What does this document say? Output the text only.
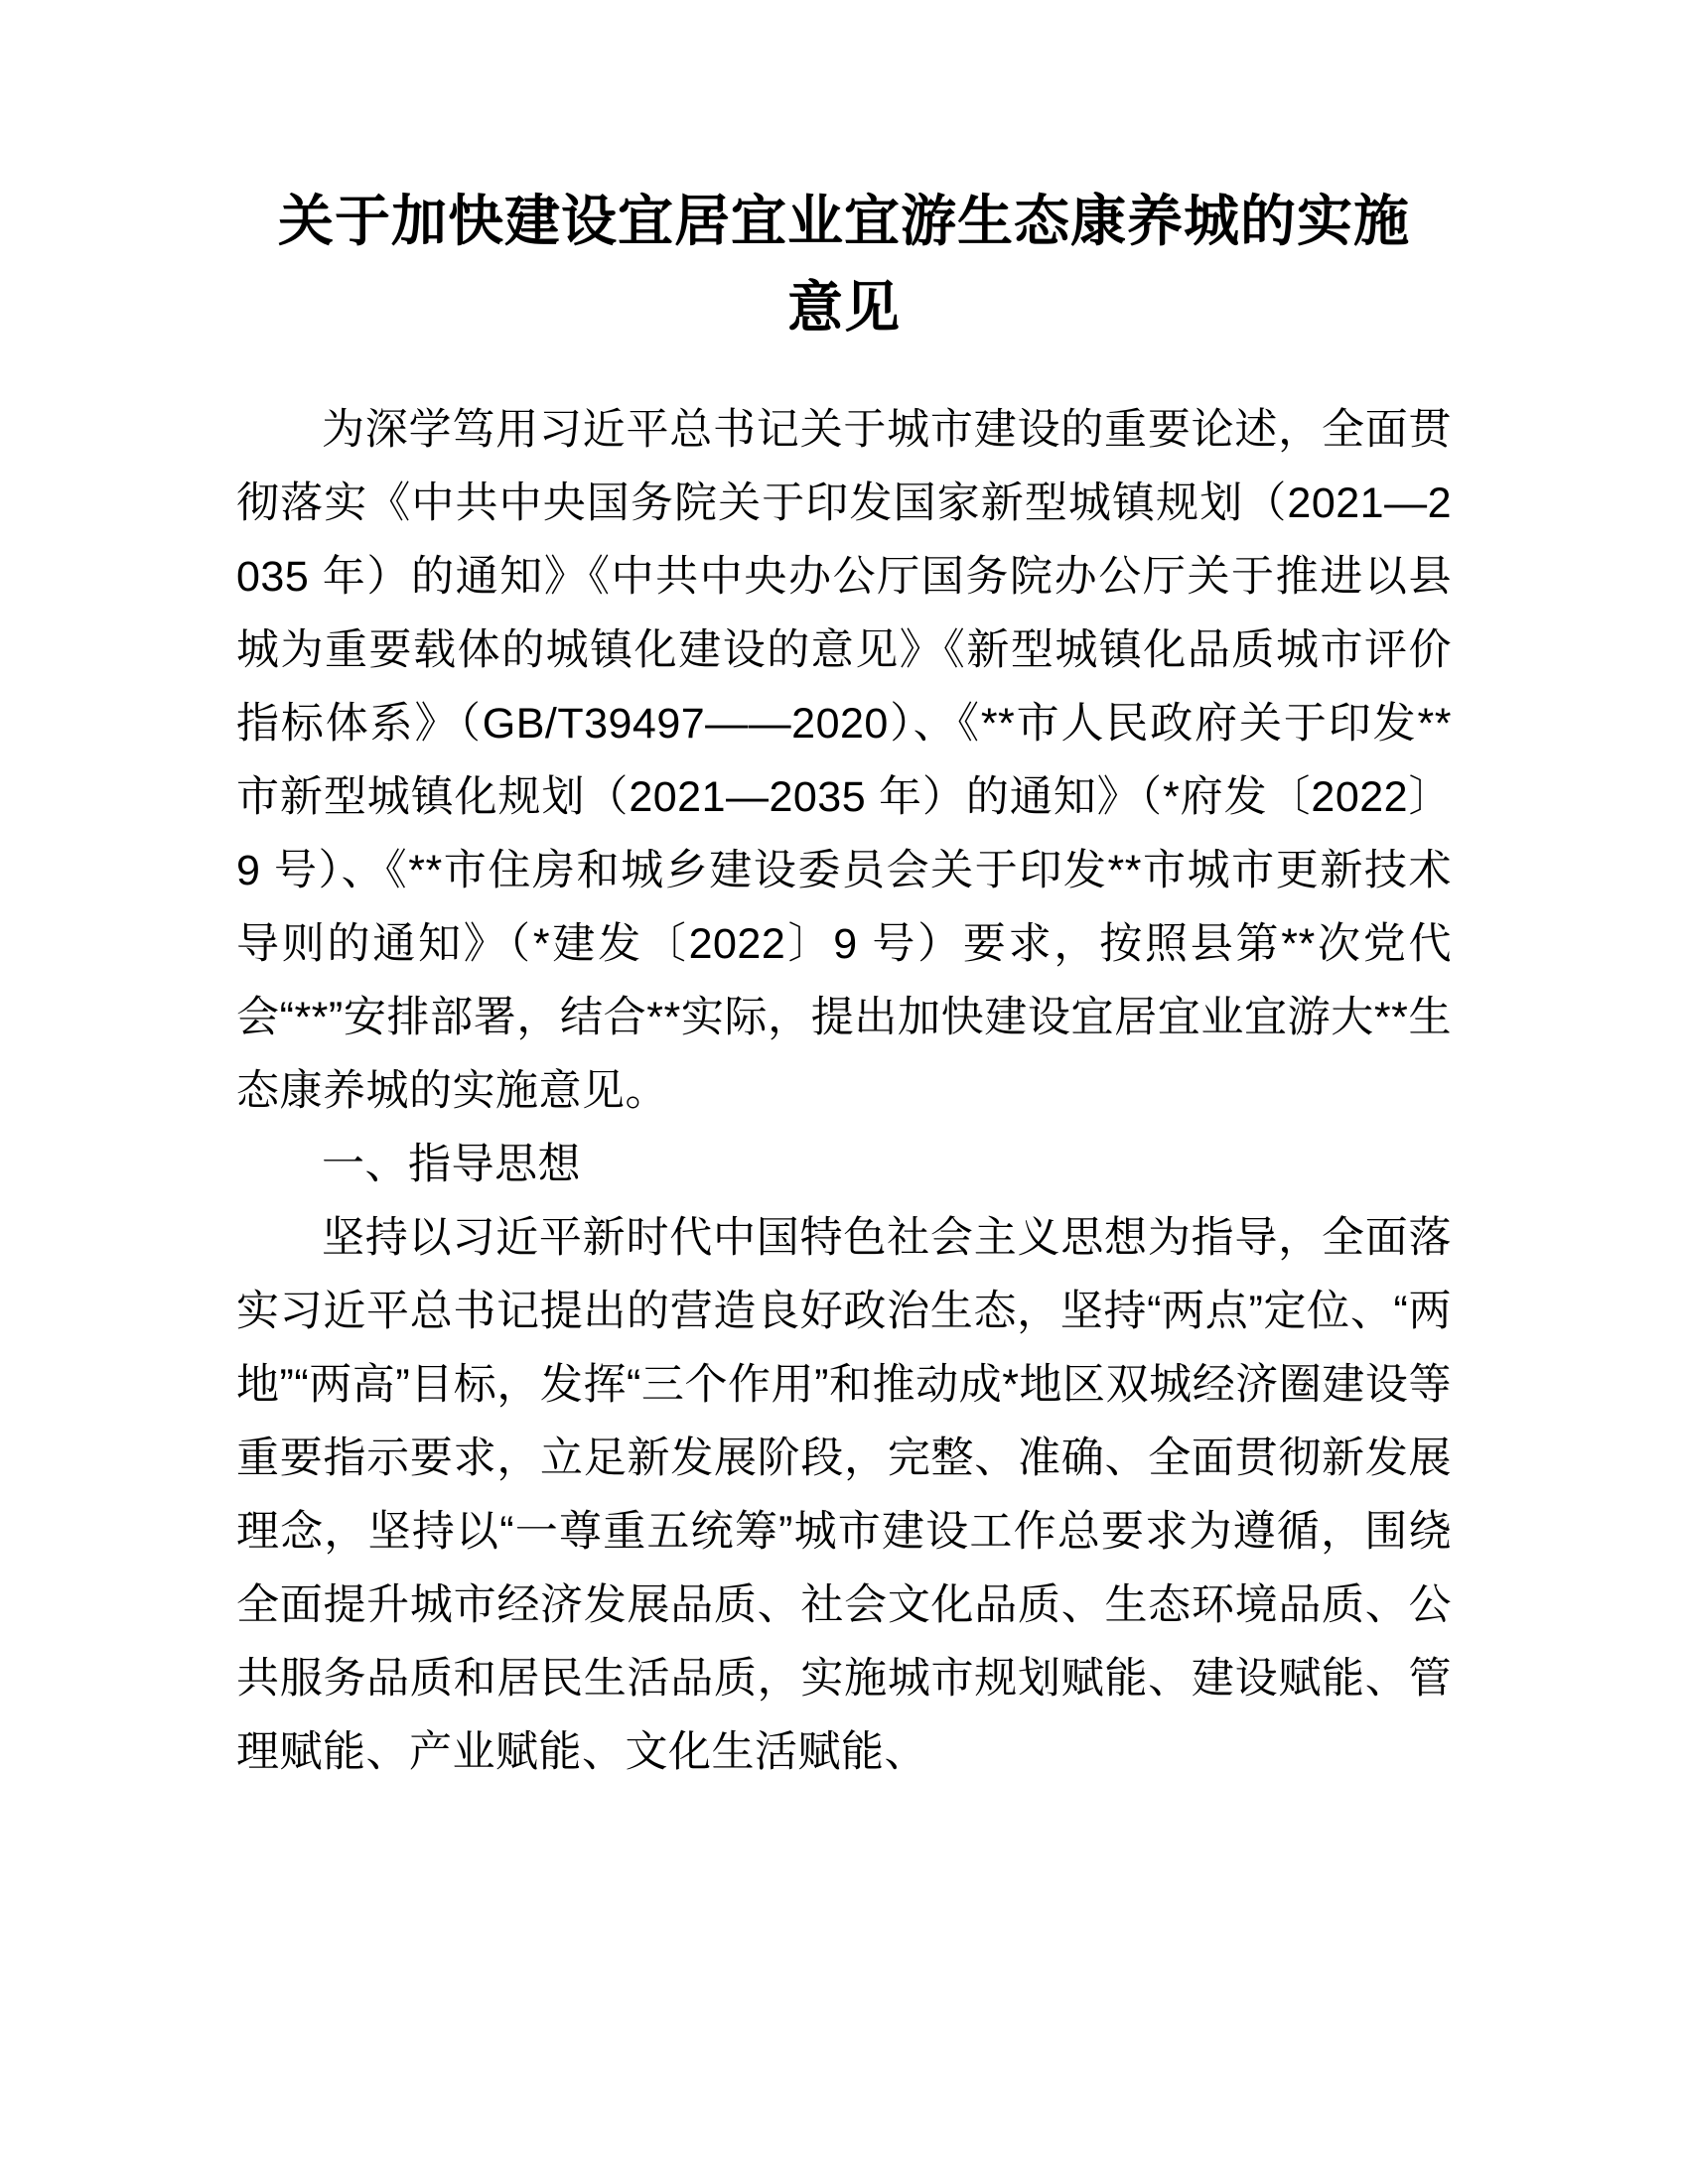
关于加快建设宜居宜业宜游生态康养城的实施
意见

为深学笃用习近平总书记关于城市建设的重要论述，全面贯彻落实《中共中央国务院关于印发国家新型城镇规划（2021—2035 年）的通知》《中共中央办公厅国务院办公厅关于推进以县城为重要载体的城镇化建设的意见》《新型城镇化品质城市评价指标体系》（GB/T39497——2020）、《**市人民政府关于印发**市新型城镇化规划（2021—2035 年）的通知》（*府发〔2022〕9 号）、《**市住房和城乡建设委员会关于印发**市城市更新技术导则的通知》（*建发〔2022〕9 号）要求，按照县第**次党代会“**”安排部署，结合**实际，提出加快建设宜居宜业宜游大**生态康养城的实施意见。

一、指导思想

坚持以习近平新时代中国特色社会主义思想为指导，全面落实习近平总书记提出的营造良好政治生态，坚持“两点”定位、“两地”“两高”目标，发挥“三个作用”和推动成*地区双城经济圈建设等重要指示要求，立足新发展阶段，完整、准确、全面贯彻新发展理念，坚持以“一尊重五统筹”城市建设工作总要求为遵循，围绕全面提升城市经济发展品质、社会文化品质、生态环境品质、公共服务品质和居民生活品质，实施城市规划赋能、建设赋能、管理赋能、产业赋能、文化生活赋能、
